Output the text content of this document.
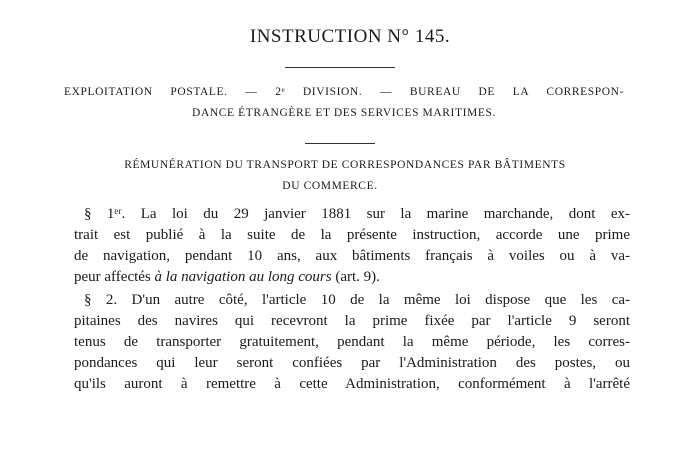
INSTRUCTION N° 145.
EXPLOITATION POSTALE. — 2ᵉ DIVISION. — BUREAU DE LA CORRESPON-
DANCE ÉTRANGÈRE ET DES SERVICES MARITIMES.
RÉMUNÉRATION DU TRANSPORT DE CORRESPONDANCES PAR BÂTIMENTS
DU COMMERCE.
§ 1ᵉʳ. La loi du 29 janvier 1881 sur la marine marchande, dont ex-
trait est publié à la suite de la présente instruction, accorde une prime
de navigation, pendant 10 ans, aux bâtiments français à voiles ou à va-
peur affectés à la navigation au long cours (art. 9).
§ 2. D'un autre côté, l'article 10 de la même loi dispose que les ca-
pitaines des navires qui recevront la prime fixée par l'article 9 seront
tenus de transporter gratuitement, pendant la même période, les corres-
pondances qui leur seront confiées par l'Administration des postes, ou
qu'ils auront à remettre à cette Administration, conformément à l'arrêté
